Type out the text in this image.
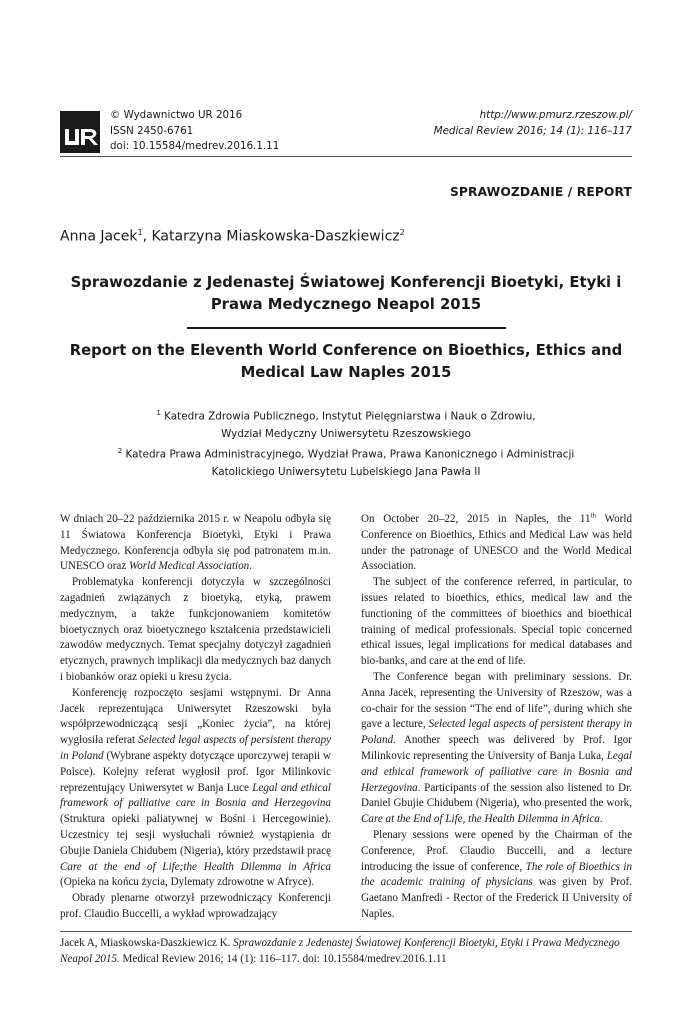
© Wydawnictwo UR 2016
ISSN 2450-6761
doi: 10.15584/medrev.2016.1.11
http://www.pmurz.rzeszow.pl/
Medical Review 2016; 14 (1): 116–117
SPRAWOZDANIE / REPORT
Anna Jacek$^1$, Katarzyna Miaskowska-Daszkiewicz$^2$
Sprawozdanie z Jedenastej Światowej Konferencji Bioetyki, Etyki i Prawa Medycznego Neapol 2015
Report on the Eleventh World Conference on Bioethics, Ethics and Medical Law Naples 2015
$^1$ Katedra Zdrowia Publicznego, Instytut Pielęgniarstwa i Nauk o Zdrowiu,
Wydział Medyczny Uniwersytetu Rzeszowskiego
$^2$ Katedra Prawa Administracyjnego, Wydział Prawa, Prawa Kanonicznego i Administracji
Katolickiego Uniwersytetu Lubelskiego Jana Pawła II

W dniach 20–22 października 2015 r. w Neapolu odbyła się 11 Światowa Konferencja Bioetyki, Etyki i Prawa Medycznego. Konferencja odbyła się pod patronatem m.in. UNESCO oraz World Medical Association.

Problematyka konferencji dotyczyła w szczególności zagadnień związanych z bioetyką, etyką, prawem medycznym, a także funkcjonowaniem komitetów bioetycznych oraz bioetycznego kształcenia przedstawicieli zawodów medycznych. Temat specjalny dotyczył zagadnień etycznych, prawnych implikacji dla medycznych baz danych i biobanków oraz opieki u kresu życia.

Konferencję rozpoczęto sesjami wstępnymi. Dr Anna Jacek reprezentująca Uniwersytet Rzeszowski była współprzewodniczącą sesji „Koniec życia”, na której wygłosiła referat Selected legal aspects of persistent therapy in Poland (Wybrane aspekty dotyczące uporczywej terapii w Polsce). Kolejny referat wygłosił prof. Igor Milinkovic reprezentujący Uniwersytet w Banja Luce Legal and ethical framework of palliative care in Bosnia and Herzegovina (Struktura opieki paliatywnej w Bośni i Hercegowinie). Uczestnicy tej sesji wysłuchali również wystąpienia dr Gbujie Daniela Chidubem (Nigeria), który przedstawił pracę Care at the end of Life;the Health Dilemma in Africa (Opieka na końcu życia, Dylematy zdrowotne w Afryce).

Obrady plenarne otworzył przewodniczący Konferencji prof. Claudio Buccelli, a wykład wprowadzający

On October 20–22, 2015 in Naples, the 11th World Conference on Bioethics, Ethics and Medical Law was held under the patronage of UNESCO and the World Medical Association.

The subject of the conference referred, in particular, to issues related to bioethics, ethics, medical law and the functioning of the committees of bioethics and bioethical training of medical professionals. Special topic concerned ethical issues, legal implications for medical databases and bio-banks, and care at the end of life.

The Conference began with preliminary sessions. Dr. Anna Jacek, representing the University of Rzeszow, was a co-chair for the session “The end of life”, during which she gave a lecture, Selected legal aspects of persistent therapy in Poland. Another speech was delivered by Prof. Igor Milinkovic representing the University of Banja Luka, Legal and ethical framework of palliative care in Bosnia and Herzegovina. Participants of the session also listened to Dr. Daniel Gbujie Chidubem (Nigeria), who presented the work, Care at the End of Life, the Health Dilemma in Africa.

Plenary sessions were opened by the Chairman of the Conference, Prof. Claudio Buccelli, and a lecture introducing the issue of conference, The role of Bioethics in the academic training of physicians was given by Prof. Gaetano Manfredi - Rector of the Frederick II University of Naples.

Jacek A, Miaskowska-Daszkiewicz K. Sprawozdanie z Jedenastej Światowej Konferencji Bioetyki, Etyki i Prawa Medycznego Neapol 2015. Medical Review 2016; 14 (1): 116–117. doi: 10.15584/medrev.2016.1.11
